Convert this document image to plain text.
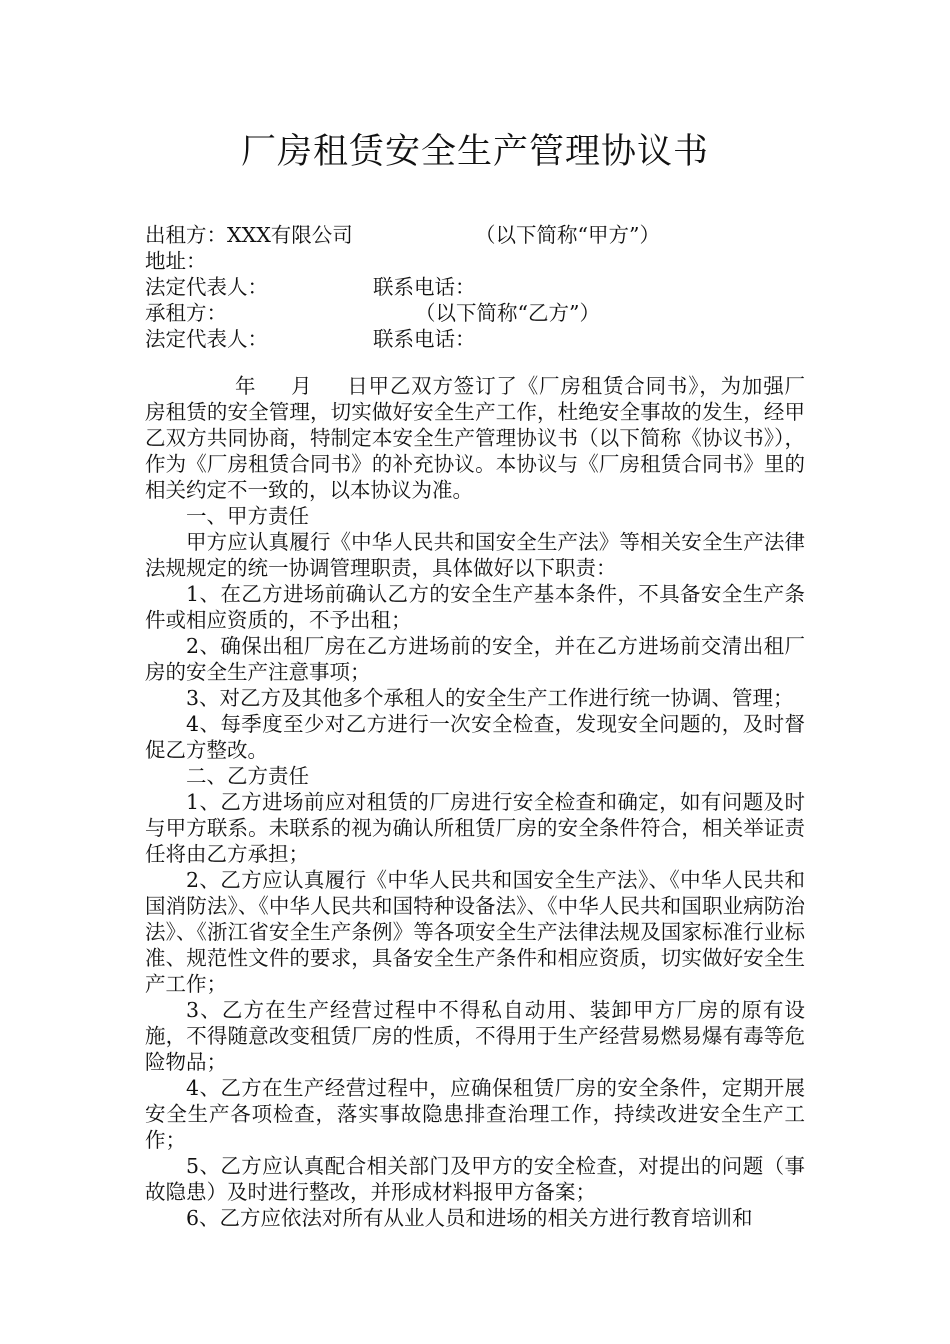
厂房租赁安全生产管理协议书
出租方：XXX有限公司	（以下简称“甲方”）
地址：
法定代表人：	联系电话：
承租方：	（以下简称“乙方”）
法定代表人：	联系电话：

年 月 日甲乙双方签订了《厂房租赁合同书》，为加强厂房租赁的安全管理，切实做好安全生产工作，杜绝安全事故的发生，经甲乙双方共同协商，特制定本安全生产管理协议书（以下简称《协议书》），作为《厂房租赁合同书》的补充协议。本协议与《厂房租赁合同书》里的相关约定不一致的，以本协议为准。

一、甲方责任

甲方应认真履行《中华人民共和国安全生产法》等相关安全生产法律法规规定的统一协调管理职责，具体做好以下职责：

1、在乙方进场前确认乙方的安全生产基本条件，不具备安全生产条件或相应资质的，不予出租；

2、确保出租厂房在乙方进场前的安全，并在乙方进场前交清出租厂房的安全生产注意事项；

3、对乙方及其他多个承租人的安全生产工作进行统一协调、管理；

4、每季度至少对乙方进行一次安全检查，发现安全问题的，及时督促乙方整改。

二、乙方责任

1、乙方进场前应对租赁的厂房进行安全检查和确定，如有问题及时与甲方联系。未联系的视为确认所租赁厂房的安全条件符合，相关举证责任将由乙方承担；

2、乙方应认真履行《中华人民共和国安全生产法》、《中华人民共和国消防法》、《中华人民共和国特种设备法》、《中华人民共和国职业病防治法》、《浙江省安全生产条例》等各项安全生产法律法规及国家标准行业标准、规范性文件的要求，具备安全生产条件和相应资质，切实做好安全生产工作；

3、乙方在生产经营过程中不得私自动用、装卸甲方厂房的原有设施，不得随意改变租赁厂房的性质，不得用于生产经营易燃易爆有毒等危险物品；

4、乙方在生产经营过程中，应确保租赁厂房的安全条件，定期开展安全生产各项检查，落实事故隐患排查治理工作，持续改进安全生产工作；

5、乙方应认真配合相关部门及甲方的安全检查，对提出的问题（事故隐患）及时进行整改，并形成材料报甲方备案；

6、乙方应依法对所有从业人员和进场的相关方进行教育培训和
